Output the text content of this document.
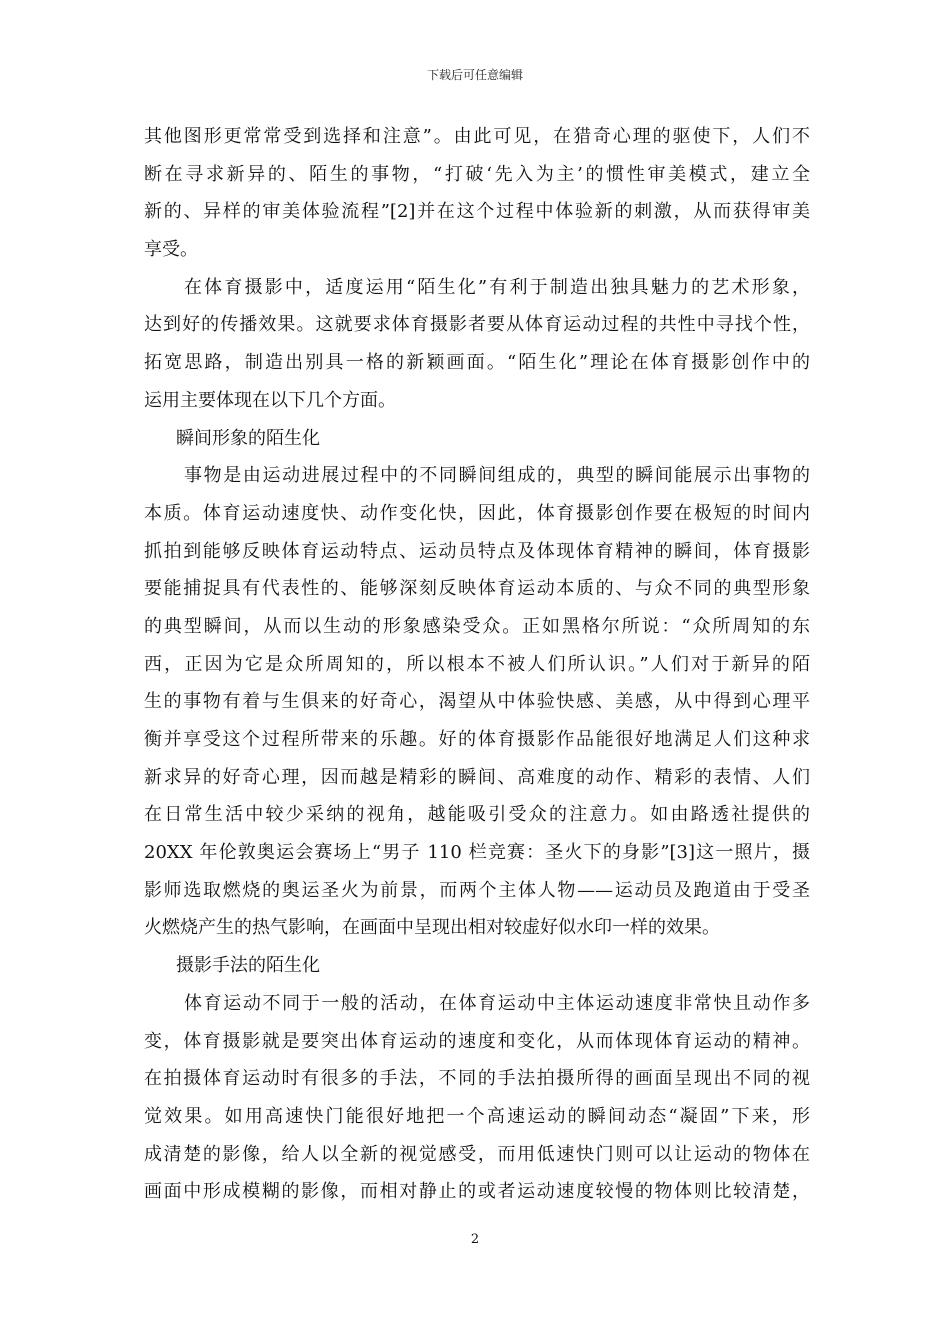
下载后可任意编辑
其他图形更常常受到选择和注意”。由此可见，在猎奇心理的驱使下，人们不
断在寻求新异的、陌生的事物，“打破‘先入为主’的惯性审美模式，建立全
新的、异样的审美体验流程”[2]并在这个过程中体验新的刺激，从而获得审美
享受。
在体育摄影中，适度运用“陌生化”有利于制造出独具魅力的艺术形象，
达到好的传播效果。这就要求体育摄影者要从体育运动过程的共性中寻找个性，
拓宽思路，制造出别具一格的新颖画面。“陌生化”理论在体育摄影创作中的
运用主要体现在以下几个方面。
瞬间形象的陌生化
事物是由运动进展过程中的不同瞬间组成的，典型的瞬间能展示出事物的
本质。体育运动速度快、动作变化快，因此，体育摄影创作要在极短的时间内
抓拍到能够反映体育运动特点、运动员特点及体现体育精神的瞬间，体育摄影
要能捕捉具有代表性的、能够深刻反映体育运动本质的、与众不同的典型形象
的典型瞬间，从而以生动的形象感染受众。正如黑格尔所说：“众所周知的东
西，正因为它是众所周知的，所以根本不被人们所认识。”人们对于新异的陌
生的事物有着与生俱来的好奇心，渴望从中体验快感、美感，从中得到心理平
衡并享受这个过程所带来的乐趣。好的体育摄影作品能很好地满足人们这种求
新求异的好奇心理，因而越是精彩的瞬间、高难度的动作、精彩的表情、人们
在日常生活中较少采纳的视角，越能吸引受众的注意力。如由路透社提供的
20XX 年伦敦奥运会赛场上“男子 110 栏竞赛：圣火下的身影”[3]这一照片，摄
影师选取燃烧的奥运圣火为前景，而两个主体人物——运动员及跑道由于受圣
火燃烧产生的热气影响，在画面中呈现出相对较虚好似水印一样的效果。
摄影手法的陌生化
体育运动不同于一般的活动，在体育运动中主体运动速度非常快且动作多
变，体育摄影就是要突出体育运动的速度和变化，从而体现体育运动的精神。
在拍摄体育运动时有很多的手法，不同的手法拍摄所得的画面呈现出不同的视
觉效果。如用高速快门能很好地把一个高速运动的瞬间动态“凝固”下来，形
成清楚的影像，给人以全新的视觉感受，而用低速快门则可以让运动的物体在
画面中形成模糊的影像，而相对静止的或者运动速度较慢的物体则比较清楚，
2
